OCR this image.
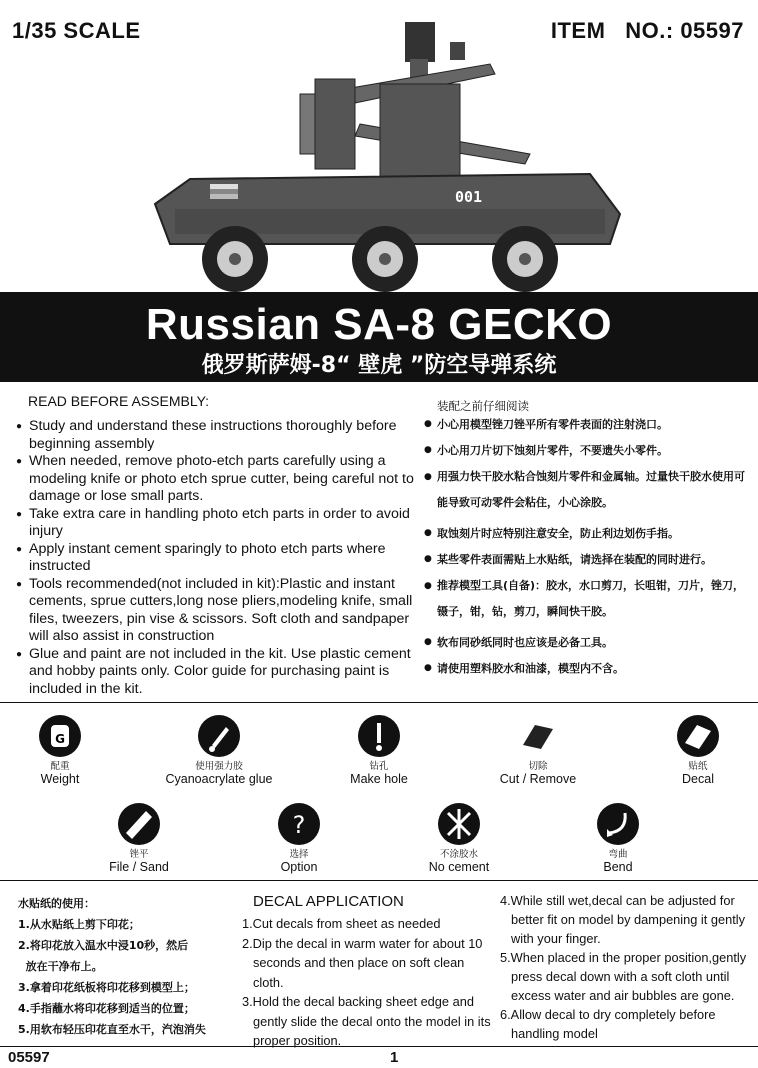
1/35 SCALE	ITEM   NO.: 05597
001
Russian SA-8 GECKO
俄罗斯萨姆-8“ 壁虎 ”防空导弹系统
READ BEFORE ASSEMBLY:
● Study and understand these instructions thoroughly before beginning assembly
● When needed, remove photo-etch parts carefully using a modeling knife or photo etch sprue cutter, being careful not to damage or lose small parts.
● Take extra care in handling photo etch parts in order to avoid injury
● Apply instant cement sparingly to photo etch parts where instructed
● Tools recommended(not included in kit):Plastic and instant cements, sprue cutters,long nose pliers,modeling knife, small files, tweezers, pin vise & scissors. Soft cloth and sandpaper will also assist in construction
● Glue and paint are not included in the kit. Use plastic cement and hobby paints only. Color guide for purchasing paint is included in the kit.
装配之前仔细阅读
● 小心用模型锉刀锉平所有零件表面的注射浇口。
● 小心用刀片切下蚀刻片零件，不要遗失小零件。
● 用强力快干胶水粘合蚀刻片零件和金属轴。过量快干胶水使用可能导致可动零件会粘住，小心涂胶。
● 取蚀刻片时应特别注意安全，防止利边划伤手指。
● 某些零件表面需贴上水贴纸，请选择在装配的同时进行。
● 推荐模型工具(自备)：胶水，水口剪刀，长咀钳，刀片，锉刀，镊子，钳，钻，剪刀，瞬间快干胶。
● 软布同砂纸同时也应该是必备工具。
● 请使用塑料胶水和油漆，模型内不含。
G
配重
Weight
使用强力胶
Cyanoacrylate glue
钻孔
Make hole
切除
Cut / Remove
贴纸
Decal
锉平
File / Sand
?
选择
Option
不涂胶水
No cement
弯曲
Bend
水贴纸的使用：
1.从水贴纸上剪下印花；
2.将印花放入温水中浸10秒，然后
放在干净布上。
3.拿着印花纸板将印花移到模型上；
4.手指蘸水将印花移到适当的位置；
5.用软布轻压印花直至水干，汽泡消失
DECAL APPLICATION
1.Cut decals from sheet as needed
2.Dip the decal in warm water for about 10 seconds and then place on soft clean cloth.
3.Hold the decal backing sheet edge and gently slide the decal onto the model in its proper position.
4.While still wet,decal can be adjusted for better fit on model by dampening it gently with your finger.
5.When placed in the proper position,gently press decal down with a soft cloth until excess water and air bubbles are gone.
6.Allow decal to dry completely before handling model
05597	1
